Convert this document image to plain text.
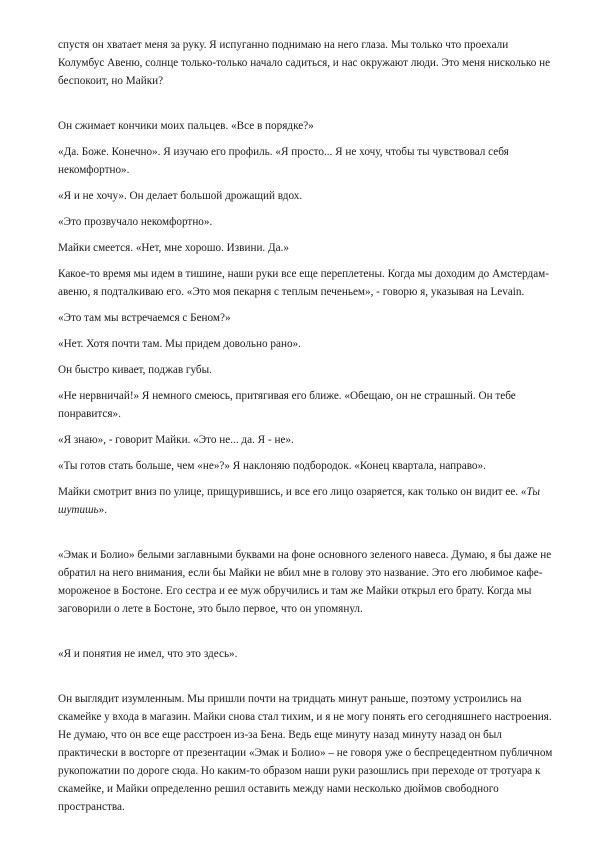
спустя он хватает меня за руку. Я испуганно поднимаю на него глаза. Мы только что проехали Колумбус Авеню, солнце только-только начало садиться, и нас окружают люди. Это меня нисколько не беспокоит, но Майки?

Он сжимает кончики моих пальцев. «Все в порядке?»

«Да. Боже. Конечно». Я изучаю его профиль. «Я просто... Я не хочу, чтобы ты чувствовал себя некомфортно».

«Я и не хочу». Он делает большой дрожащий вдох.

«Это прозвучало некомфортно».

Майки смеется. «Нет, мне хорошо. Извини. Да.»

Какое-то время мы идем в тишине, наши руки все еще переплетены. Когда мы доходим до Амстердам-авеню, я подталкиваю его. «Это моя пекарня с теплым печеньем», - говорю я, указывая на Levain.

«Это там мы встречаемся с Беном?»

«Нет. Хотя почти там. Мы придем довольно рано».

Он быстро кивает, поджав губы.

«Не нервничай!» Я немного смеюсь, притягивая его ближе. «Обещаю, он не страшный. Он тебе понравится».

«Я знаю», - говорит Майки. «Это не... да. Я - не».

«Ты готов стать больше, чем «не»?» Я наклоняю подбородок. «Конец квартала, направо».

Майки смотрит вниз по улице, прищурившись, и все его лицо озаряется, как только он видит ее. «Ты шутишь».

«Эмак и Болио» белыми заглавными буквами на фоне основного зеленого навеса. Думаю, я бы даже не обратил на него внимания, если бы Майки не вбил мне в голову это название. Это его любимое кафе-мороженое в Бостоне. Его сестра и ее муж обручились и там же Майки открыл его брату. Когда мы заговорили о лете в Бостоне, это было первое, что он упомянул.

«Я и понятия не имел, что это здесь».

Он выглядит изумленным. Мы пришли почти на тридцать минут раньше, поэтому устроились на скамейке у входа в магазин. Майки снова стал тихим, и я не могу понять его сегодняшнего настроения. Не думаю, что он все еще расстроен из-за Бена. Ведь еще минуту назад минуту назад он был практически в восторге от презентации «Эмак и Болио» – не говоря уже о беспрецедентном публичном рукопожатии по дороге сюда. Но каким-то образом наши руки разошлись при переходе от тротуара к скамейке, и Майки определенно решил оставить между нами несколько дюймов свободного пространства.
